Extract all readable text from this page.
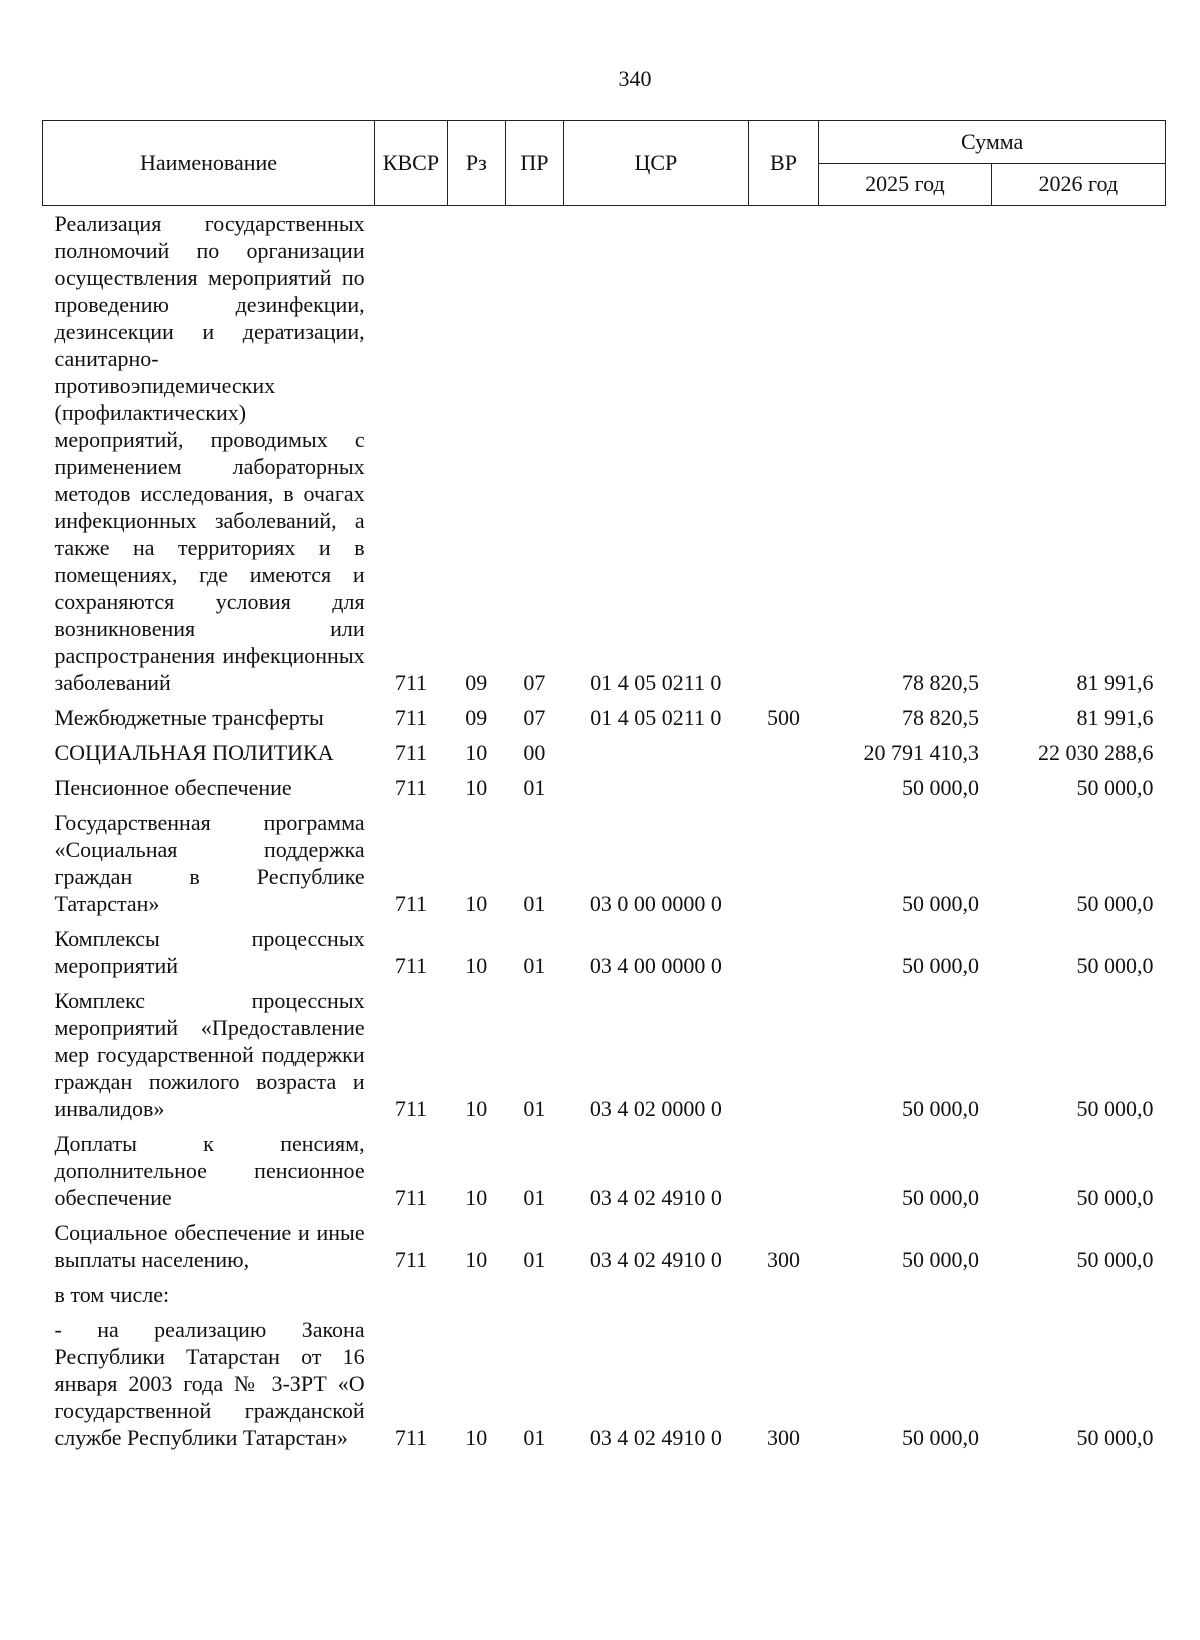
340
Наименование	КВСР	Рз	ПР	ЦСР	ВР	Сумма	
						2025 год	2026 год
Реализация государственных полномочий по организации осуществления мероприятий по проведению дезинфекции, дезинсекции и дератизации, санитарно-противоэпидемических (профилактических) мероприятий, проводимых с применением лабораторных методов исследования, в очагах инфекционных заболеваний, а также на территориях и в помещениях, где имеются и сохраняются условия для возникновения или распространения инфекционных заболеваний	711	09	07	01 4 05 0211 0		78 820,5	81 991,6
Межбюджетные трансферты	711	09	07	01 4 05 0211 0	500	78 820,5	81 991,6
СОЦИАЛЬНАЯ ПОЛИТИКА	711	10	00			20 791 410,3	22 030 288,6
Пенсионное обеспечение	711	10	01			50 000,0	50 000,0
Государственная программа «Социальная поддержка граждан в Республике Татарстан»	711	10	01	03 0 00 0000 0		50 000,0	50 000,0
Комплексы процессных мероприятий	711	10	01	03 4 00 0000 0		50 000,0	50 000,0
Комплекс процессных мероприятий «Предоставление мер государственной поддержки граждан пожилого возраста и инвалидов»	711	10	01	03 4 02 0000 0		50 000,0	50 000,0
Доплаты к пенсиям, дополнительное пенсионное обеспечение	711	10	01	03 4 02 4910 0		50 000,0	50 000,0
Социальное обеспечение и иные выплаты населению,	711	10	01	03 4 02 4910 0	300	50 000,0	50 000,0
в том числе:							
- на реализацию Закона Республики Татарстан от 16 января 2003 года № 3-ЗРТ «О государственной гражданской службе Республики Татарстан»	711	10	01	03 4 02 4910 0	300	50 000,0	50 000,0
